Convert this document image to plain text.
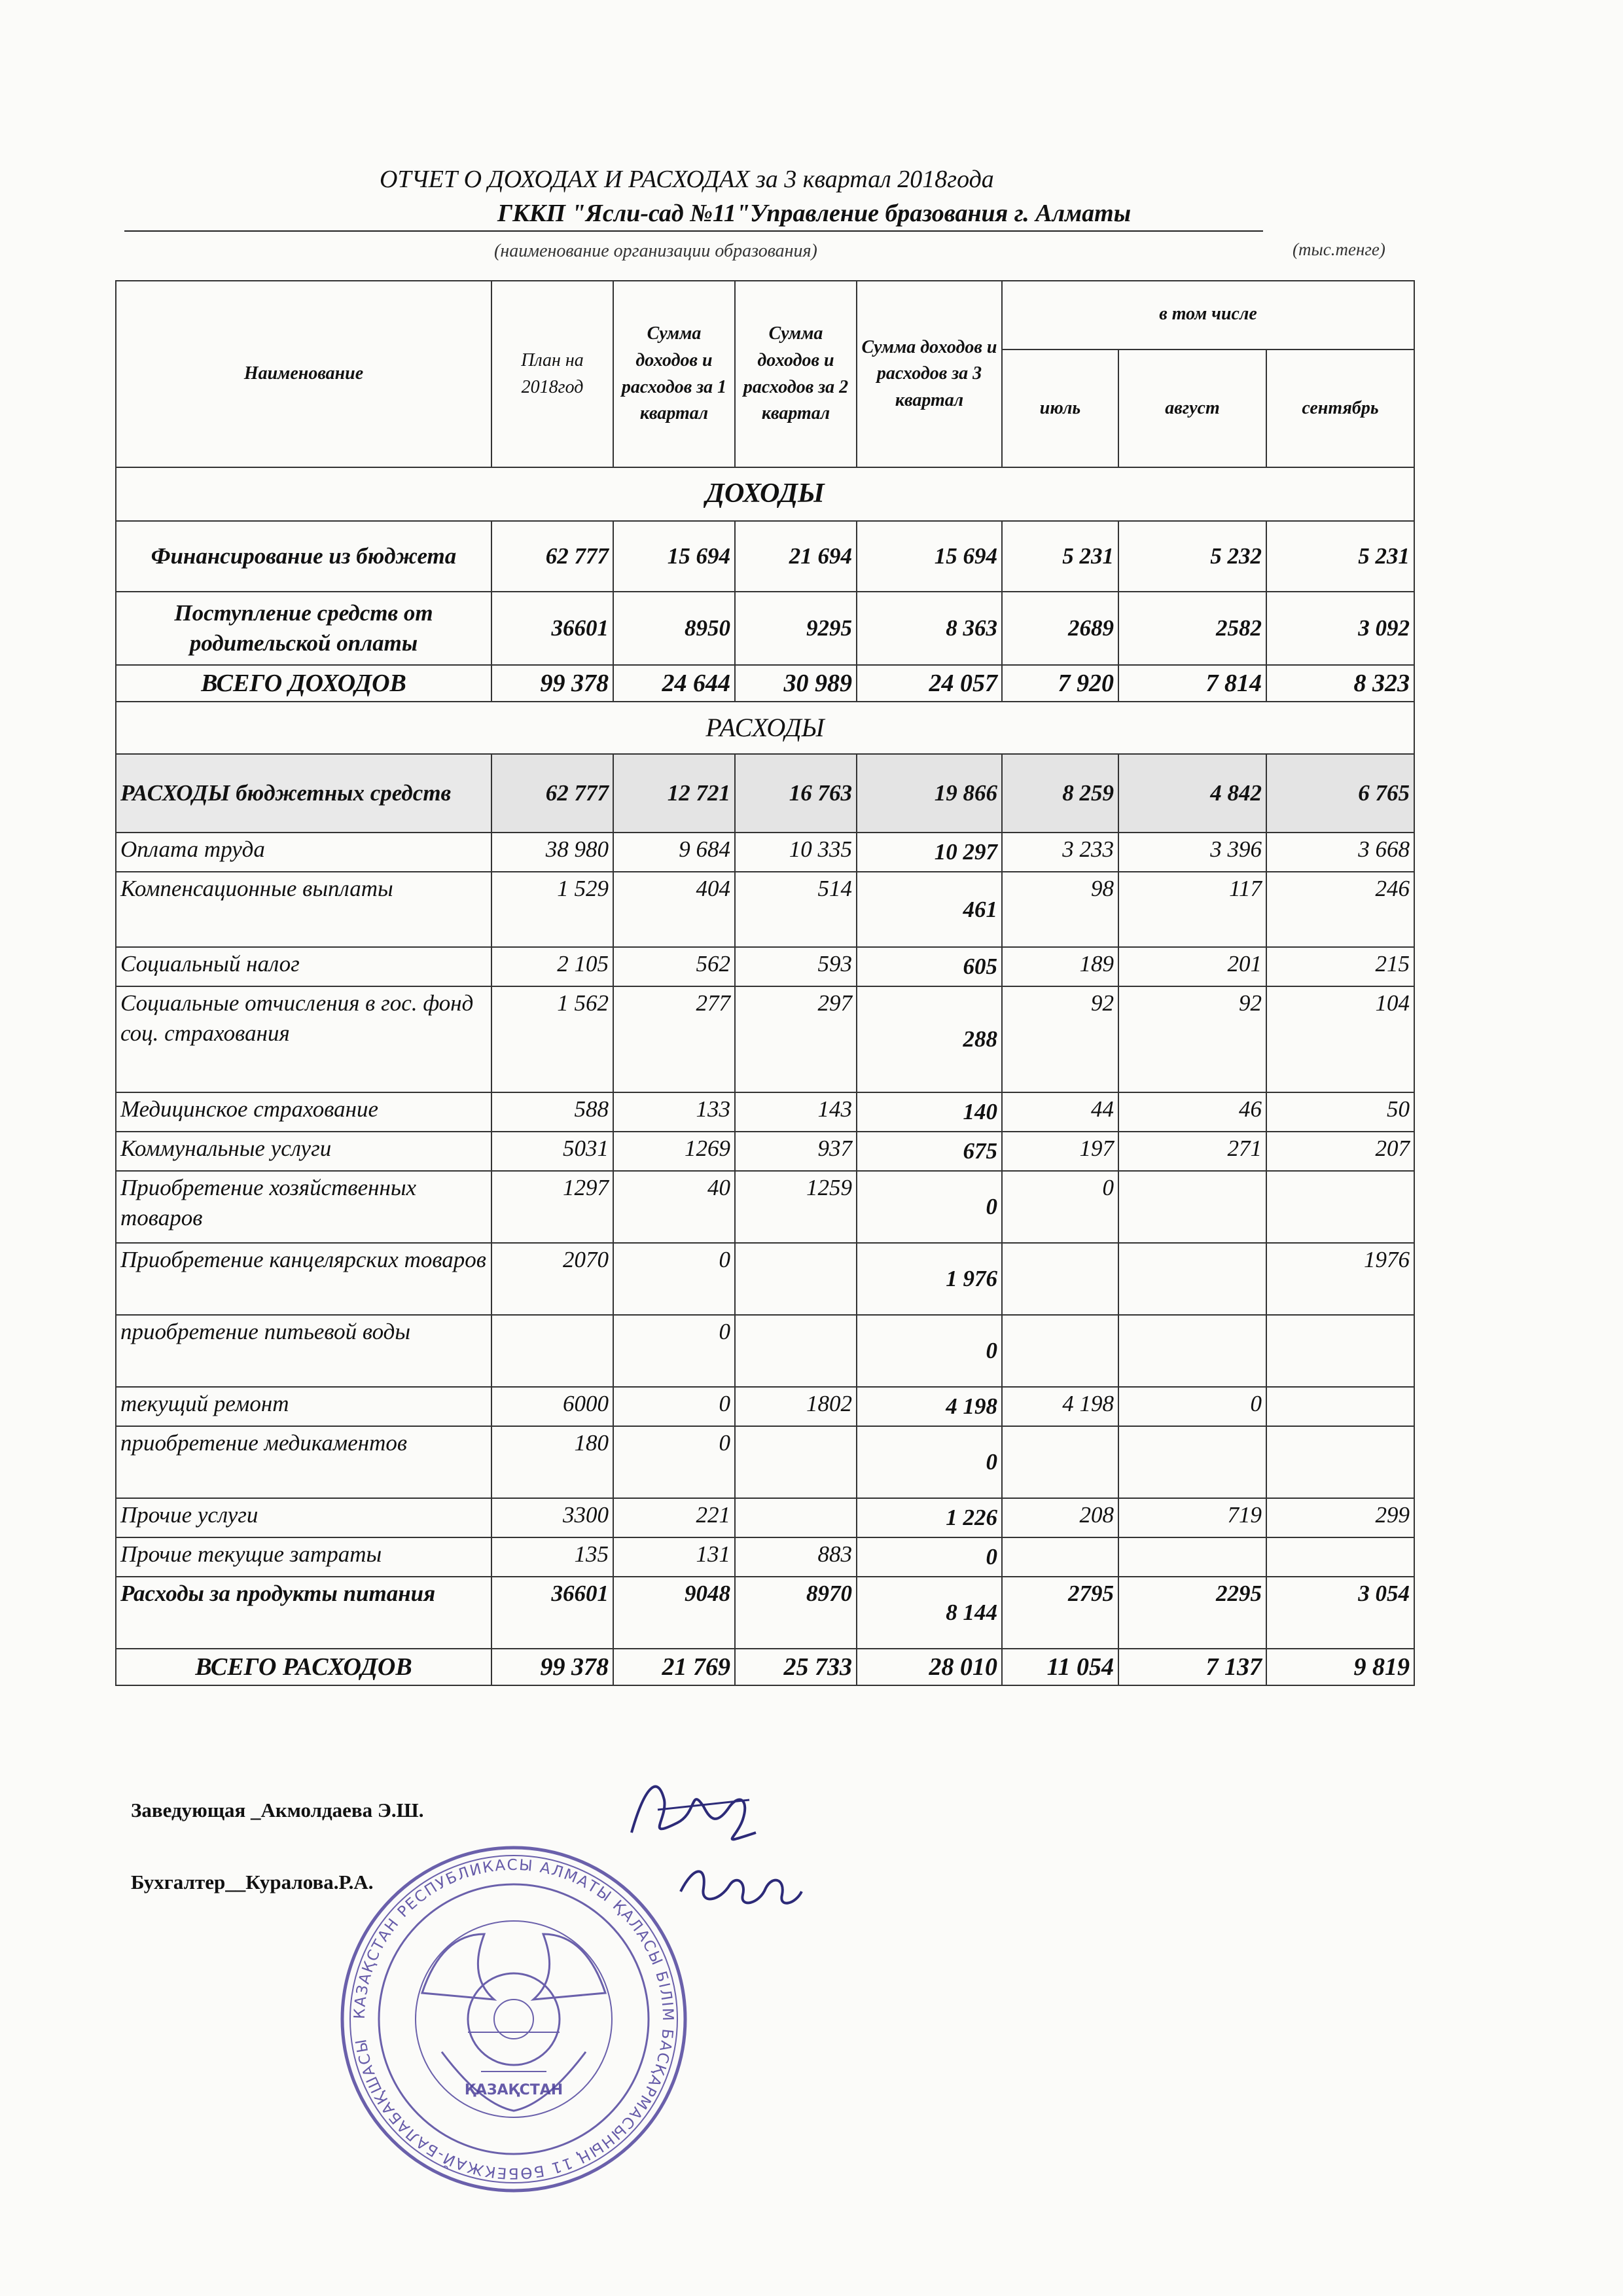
ОТЧЕТ О ДОХОДАХ И РАСХОДАХ за 3 квартал 2018года
ГККП "Ясли-сад №11"Управление бразования г. Алматы
(наименование организации образования)	(тыс.тенге)
Наименование	План на 2018год	Сумма доходов и расходов за 1 квартал	Сумма доходов и расходов за 2 квартал	Сумма доходов и расходов за 3 квартал	в том числе		
					июль	август	сентябрь
ДОХОДЫ							
Финансирование из бюджета	62 777	15 694	21 694	15 694	5 231	5 232	5 231
Поступление средств от родительской оплаты	36601	8950	9295	8 363	2689	2582	3 092
ВСЕГО ДОХОДОВ	99 378	24 644	30 989	24 057	7 920	7 814	8 323
РАСХОДЫ							
РАСХОДЫ бюджетных средств	62 777	12 721	16 763	19 866	8 259	4 842	6 765
Оплата труда	38 980	9 684	10 335	10 297	3 233	3 396	3 668
Компенсационные выплаты	1 529	404	514	461	98	117	246
Социальный налог	2 105	562	593	605	189	201	215
Социальные отчисления в гос. фонд соц. страхования	1 562	277	297	288	92	92	104
Медицинское страхование	588	133	143	140	44	46	50
Коммунальные услуги	5031	1269	937	675	197	271	207
Приобретение хозяйственных товаров	1297	40	1259	0	0		
Приобретение канцелярских товаров	2070	0		1 976			1976
приобретение питьевой воды		0		0			
текущий ремонт	6000	0	1802	4 198	4 198	0	
приобретение медикаментов	180	0		0			
Прочие услуги	3300	221		1 226	208	719	299
Прочие текущие затраты	135	131	883	0			
Расходы за продукты питания	36601	9048	8970	8 144	2795	2295	3 054
ВСЕГО РАСХОДОВ	99 378	21 769	25 733	28 010	11 054	7 137	9 819
Заведующая _Акмолдаева Э.Ш.
Бухгалтер__Куралова.Р.А.
КАЗАҚСТАН РЕСПУБЛИКАСЫ АЛМАТЫ ҚАЛАСЫ БІЛІМ БАСҚАРМАСЫНЫҢ 11 БӨБЕКЖАЙ-БАЛАБАҚШАСЫ
ҚАЗАҚСТАН
